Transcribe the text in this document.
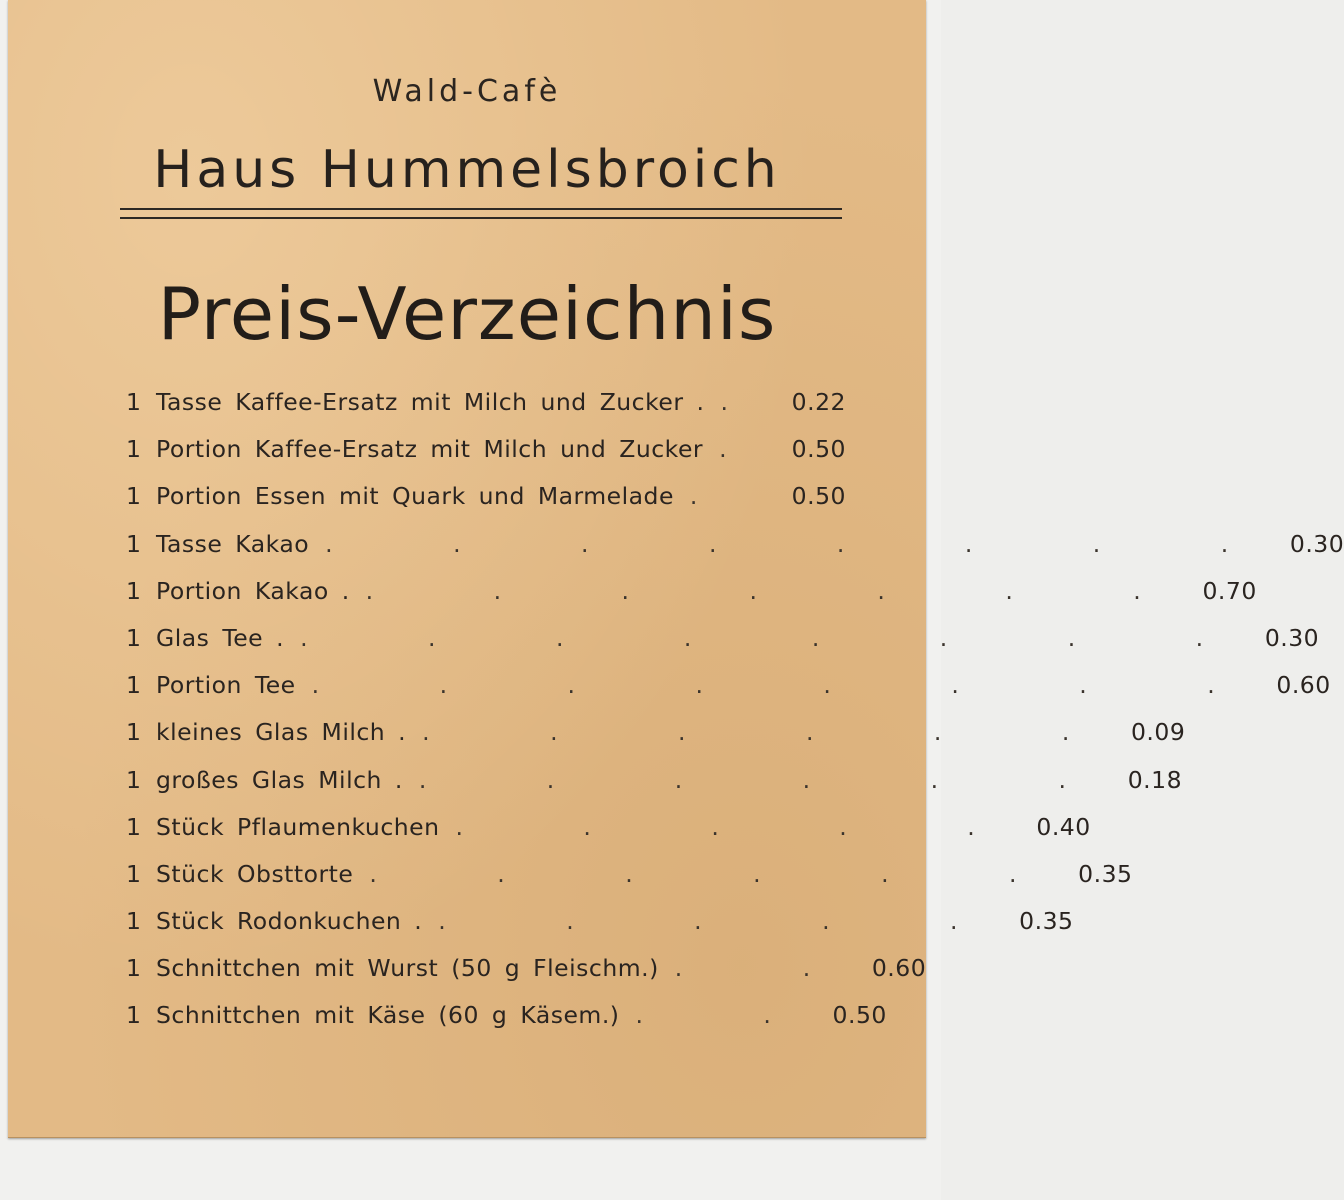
Wald-Cafè
Haus Hummelsbroich
Preis-Verzeichnis
1 Tasse Kaffee-Ersatz mit Milch und Zucker . . 0.22
1 Portion Kaffee-Ersatz mit Milch und Zucker . 0.50
1 Portion Essen mit Quark und Marmelade .	0.50
1 Tasse Kakao . . . . . . . . 0.30
1 Portion Kakao . . . . . . . . 0.70
1 Glas Tee . . . . . . . . . 0.30
1 Portion Tee . . . . . . . . 0.60
1 kleines Glas Milch . . . . . . . 0.09
1 großes Glas Milch . . . . . . . 0.18
1 Stück Pflaumenkuchen . . . . . 0.40
1 Stück Obsttorte . . . . . . 0.35
1 Stück Rodonkuchen . . . . . . 0.35
1 Schnittchen mit Wurst (50 g Fleischm.) . . 0.60
1 Schnittchen mit Käse (60 g Käsem.) . . 0.50
